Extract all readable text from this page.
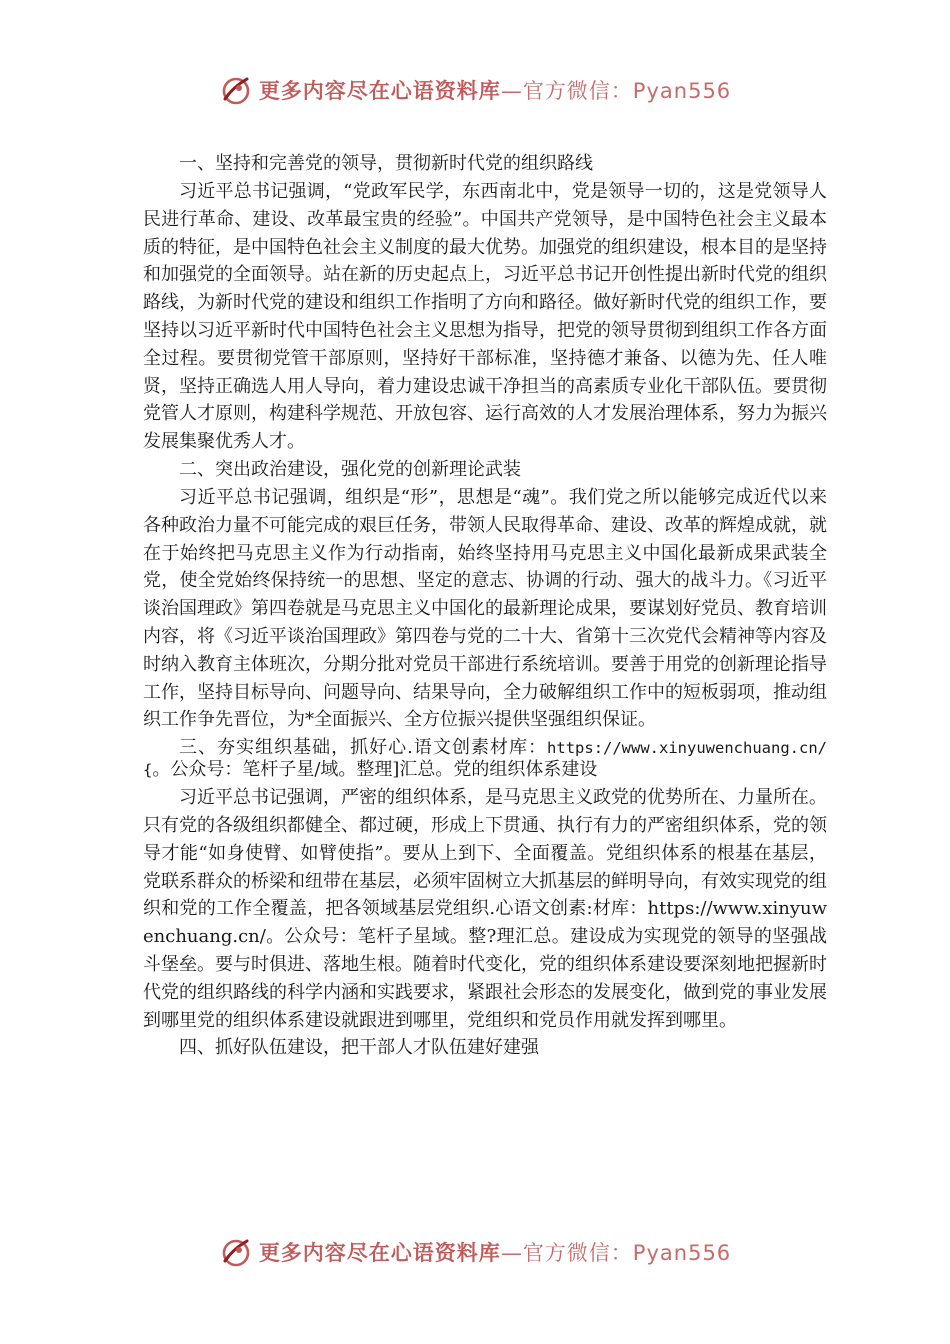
更多内容尽在心语资料库—官方微信：Pyan556

一、坚持和完善党的领导，贯彻新时代党的组织路线

习近平总书记强调，“党政军民学，东西南北中，党是领导一切的，这是党领导人民进行革命、建设、改革最宝贵的经验”。中国共产党领导，是中国特色社会主义最本质的特征，是中国特色社会主义制度的最大优势。加强党的组织建设，根本目的是坚持和加强党的全面领导。站在新的历史起点上，习近平总书记开创性提出新时代党的组织路线，为新时代党的建设和组织工作指明了方向和路径。做好新时代党的组织工作，要坚持以习近平新时代中国特色社会主义思想为指导，把党的领导贯彻到组织工作各方面全过程。要贯彻党管干部原则，坚持好干部标准，坚持德才兼备、以德为先、任人唯贤，坚持正确选人用人导向，着力建设忠诚干净担当的高素质专业化干部队伍。要贯彻党管人才原则，构建科学规范、开放包容、运行高效的人才发展治理体系，努力为振兴发展集聚优秀人才。

二、突出政治建设，强化党的创新理论武装

习近平总书记强调，组织是“形”，思想是“魂”。我们党之所以能够完成近代以来各种政治力量不可能完成的艰巨任务，带领人民取得革命、建设、改革的辉煌成就，就在于始终把马克思主义作为行动指南，始终坚持用马克思主义中国化最新成果武装全党，使全党始终保持统一的思想、坚定的意志、协调的行动、强大的战斗力。《习近平谈治国理政》第四卷就是马克思主义中国化的最新理论成果，要谋划好党员、教育培训内容，将《习近平谈治国理政》第四卷与党的二十大、省第十三次党代会精神等内容及时纳入教育主体班次，分期分批对党员干部进行系统培训。要善于用党的创新理论指导工作，坚持目标导向、问题导向、结果导向，全力破解组织工作中的短板弱项，推动组织工作争先晋位，为*全面振兴、全方位振兴提供坚强组织保证。

三、夯实组织基础，抓好心.语文创素材库：https://www.xinyuwenchuang.cn/{。公众号：笔杆子星/域。整理]汇总。党的组织体系建设

习近平总书记强调，严密的组织体系，是马克思主义政党的优势所在、力量所在。只有党的各级组织都健全、都过硬，形成上下贯通、执行有力的严密组织体系，党的领导才能“如身使臂、如臂使指”。要从上到下、全面覆盖。党组织体系的根基在基层，党联系群众的桥梁和纽带在基层，必须牢固树立大抓基层的鲜明导向，有效实现党的组织和党的工作全覆盖，把各领域基层党组织.心语文创素:材库：https://www.xinyuwenchuang.cn/。公众号：笔杆子星域。整?理汇总。建设成为实现党的领导的坚强战斗堡垒。要与时俱进、落地生根。随着时代变化，党的组织体系建设要深刻地把握新时代党的组织路线的科学内涵和实践要求，紧跟社会形态的发展变化，做到党的事业发展到哪里党的组织体系建设就跟进到哪里，党组织和党员作用就发挥到哪里。

四、抓好队伍建设，把干部人才队伍建好建强

更多内容尽在心语资料库—官方微信：Pyan556
